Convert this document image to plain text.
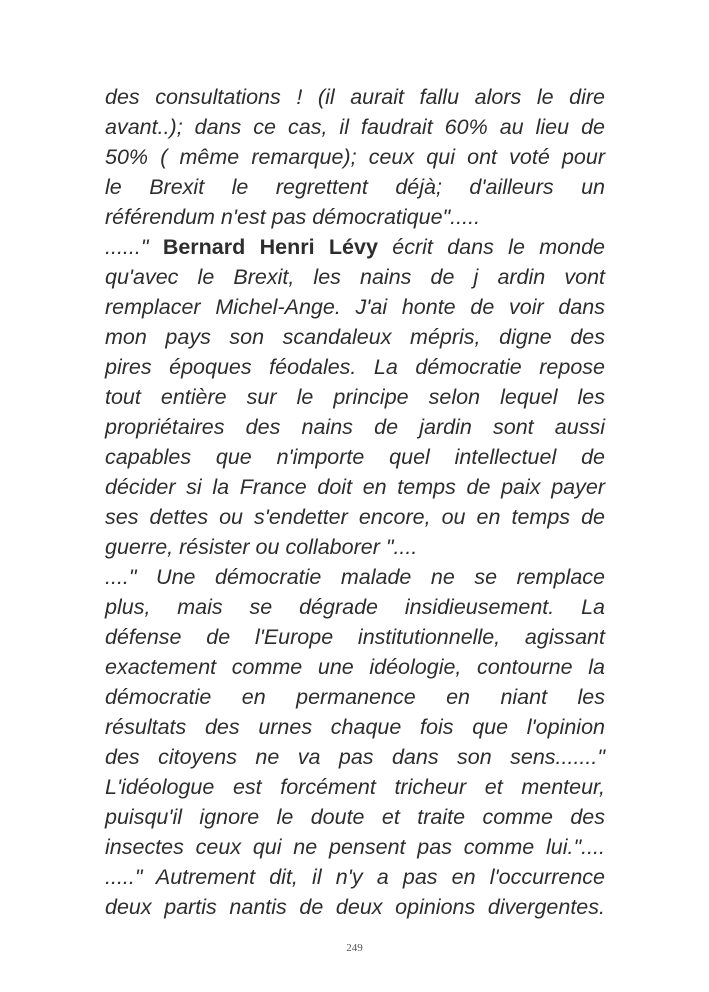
des consultations ! (il aurait fallu alors le dire
avant..); dans ce cas, il faudrait 60% au lieu de
50% ( même remarque); ceux qui ont voté pour
le Brexit le regrettent déjà; d'ailleurs un
référendum n'est pas démocratique".....
......" Bernard Henri Lévy écrit dans le monde
qu'avec le Brexit, les nains de j ardin vont
remplacer Michel-Ange. J'ai honte de voir dans
mon pays son scandaleux mépris, digne des
pires époques féodales. La démocratie repose
tout entière sur le principe selon lequel les
propriétaires des nains de jardin sont aussi
capables que n'importe quel intellectuel de
décider si la France doit en temps de paix payer
ses dettes ou s'endetter encore, ou en temps de
guerre, résister ou collaborer "....
...." Une démocratie malade ne se remplace
plus, mais se dégrade insidieusement. La
défense de l'Europe institutionnelle, agissant
exactement comme une idéologie, contourne la
démocratie en permanence en niant les
résultats des urnes chaque fois que l'opinion
des citoyens ne va pas dans son sens......."
L'idéologue est forcément tricheur et menteur,
puisqu'il ignore le doute et traite comme des
insectes ceux qui ne pensent pas comme lui."....
....." Autrement dit, il n'y a pas en l'occurrence
deux partis nantis de deux opinions divergentes.
249
